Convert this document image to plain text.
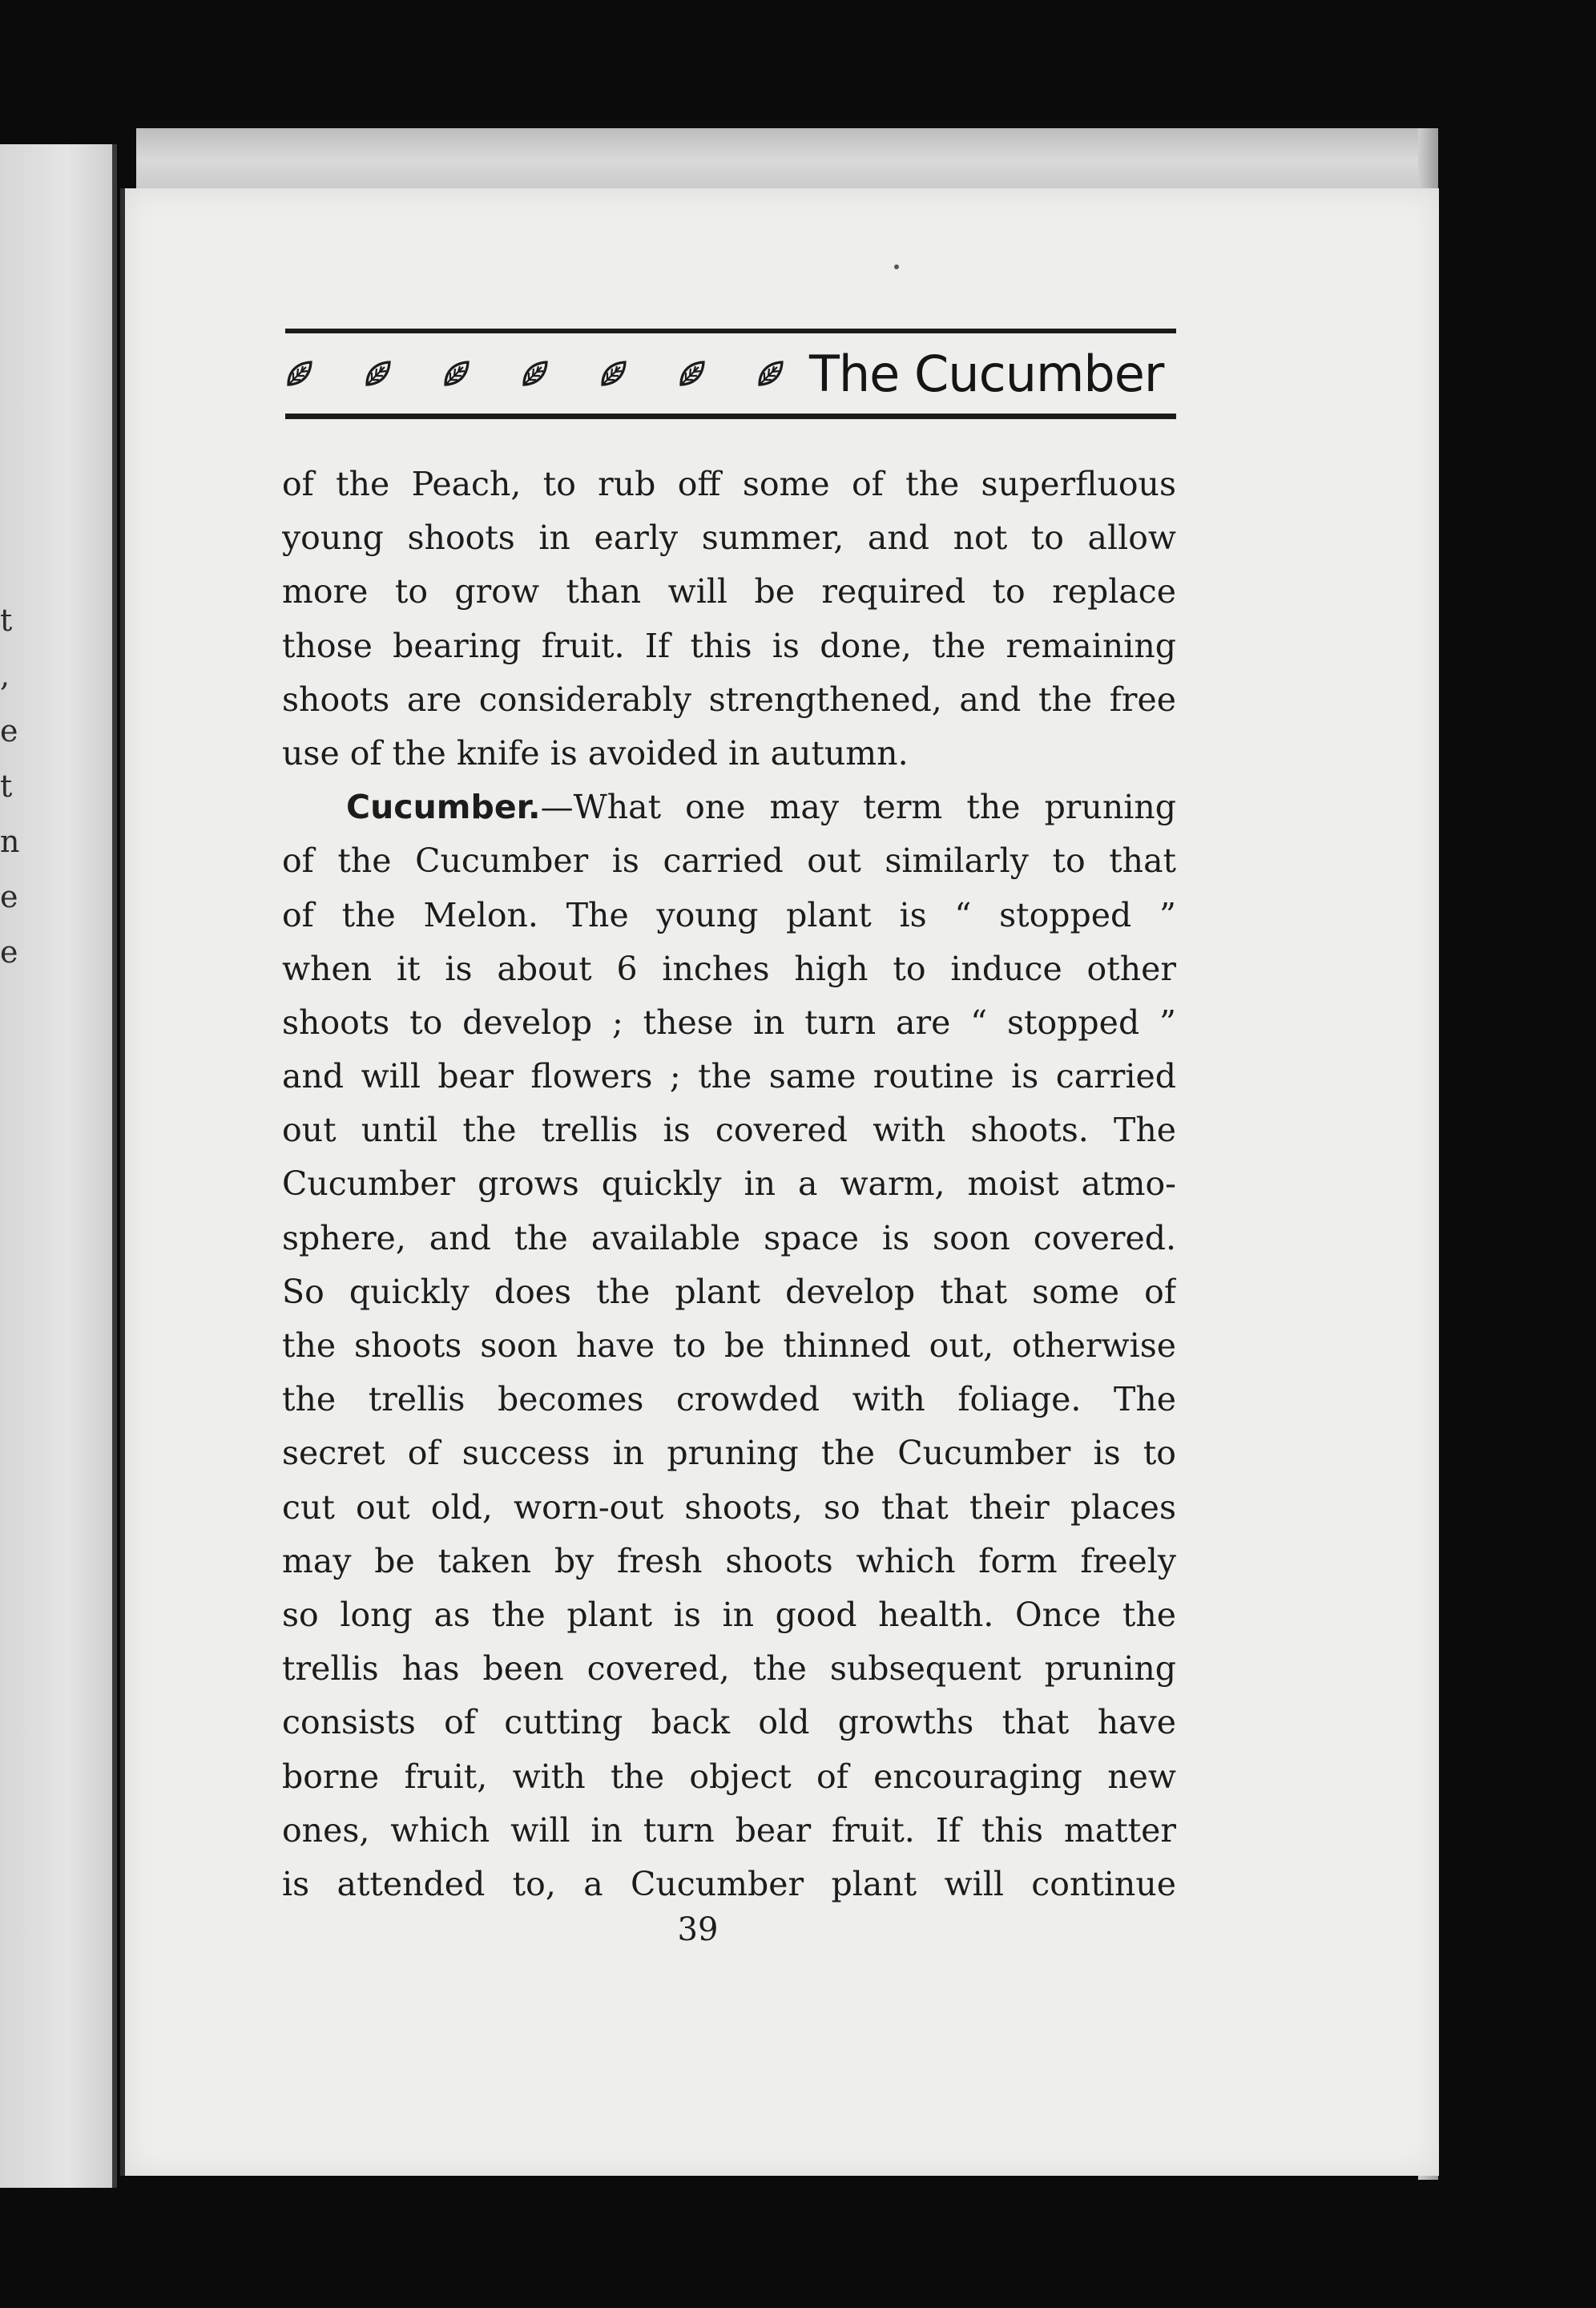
t
,
e
t
n
e
e
The Cucumber
of the Peach, to rub off some of the superfluous
young shoots in early summer, and not to allow
more to grow than will be required to replace
those bearing fruit. If this is done, the remaining
shoots are considerably strengthened, and the free
use of the knife is avoided in autumn.
Cucumber.—What one may term the pruning
of the Cucumber is carried out similarly to that
of the Melon. The young plant is “ stopped ”
when it is about 6 inches high to induce other
shoots to develop ; these in turn are “ stopped ”
and will bear flowers ; the same routine is carried
out until the trellis is covered with shoots. The
Cucumber grows quickly in a warm, moist atmo-
sphere, and the available space is soon covered.
So quickly does the plant develop that some of
the shoots soon have to be thinned out, otherwise
the trellis becomes crowded with foliage. The
secret of success in pruning the Cucumber is to
cut out old, worn-out shoots, so that their places
may be taken by fresh shoots which form freely
so long as the plant is in good health. Once the
trellis has been covered, the subsequent pruning
consists of cutting back old growths that have
borne fruit, with the object of encouraging new
ones, which will in turn bear fruit. If this matter
is attended to, a Cucumber plant will continue
39
